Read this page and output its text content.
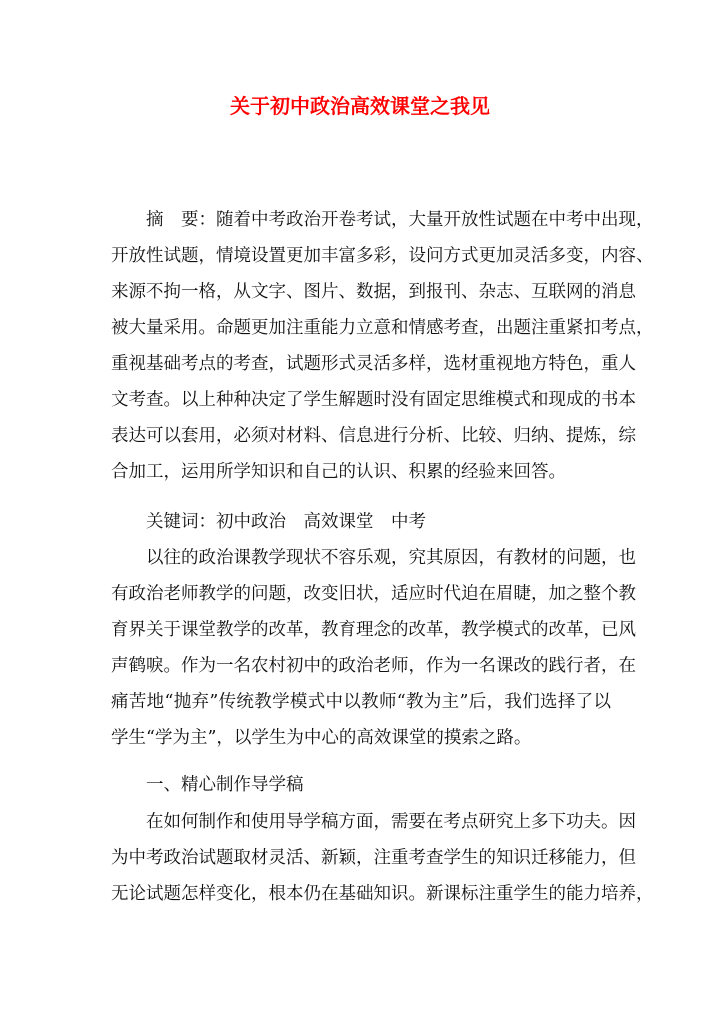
关于初中政治高效课堂之我见
　　摘　要：随着中考政治开卷考试，大量开放性试题在中考中出现，
开放性试题，情境设置更加丰富多彩，设问方式更加灵活多变，内容、
来源不拘一格，从文字、图片、数据，到报刊、杂志、互联网的消息
被大量采用。命题更加注重能力立意和情感考查，出题注重紧扣考点，
重视基础考点的考查，试题形式灵活多样，选材重视地方特色，重人
文考查。以上种种决定了学生解题时没有固定思维模式和现成的书本
表达可以套用，必须对材料、信息进行分析、比较、归纳、提炼，综
合加工，运用所学知识和自己的认识、积累的经验来回答。
　　关键词：初中政治　高效课堂　中考
　　以往的政治课教学现状不容乐观，究其原因，有教材的问题，也
有政治老师教学的问题，改变旧状，适应时代迫在眉睫，加之整个教
育界关于课堂教学的改革，教育理念的改革，教学模式的改革，已风
声鹤唳。作为一名农村初中的政治老师，作为一名课改的践行者，在
痛苦地“抛弃”传统教学模式中以教师“教为主”后，我们选择了以
学生“学为主”，以学生为中心的高效课堂的摸索之路。
　　一、精心制作导学稿
　　在如何制作和使用导学稿方面，需要在考点研究上多下功夫。因
为中考政治试题取材灵活、新颖，注重考查学生的知识迁移能力，但
无论试题怎样变化，根本仍在基础知识。新课标注重学生的能力培养，
